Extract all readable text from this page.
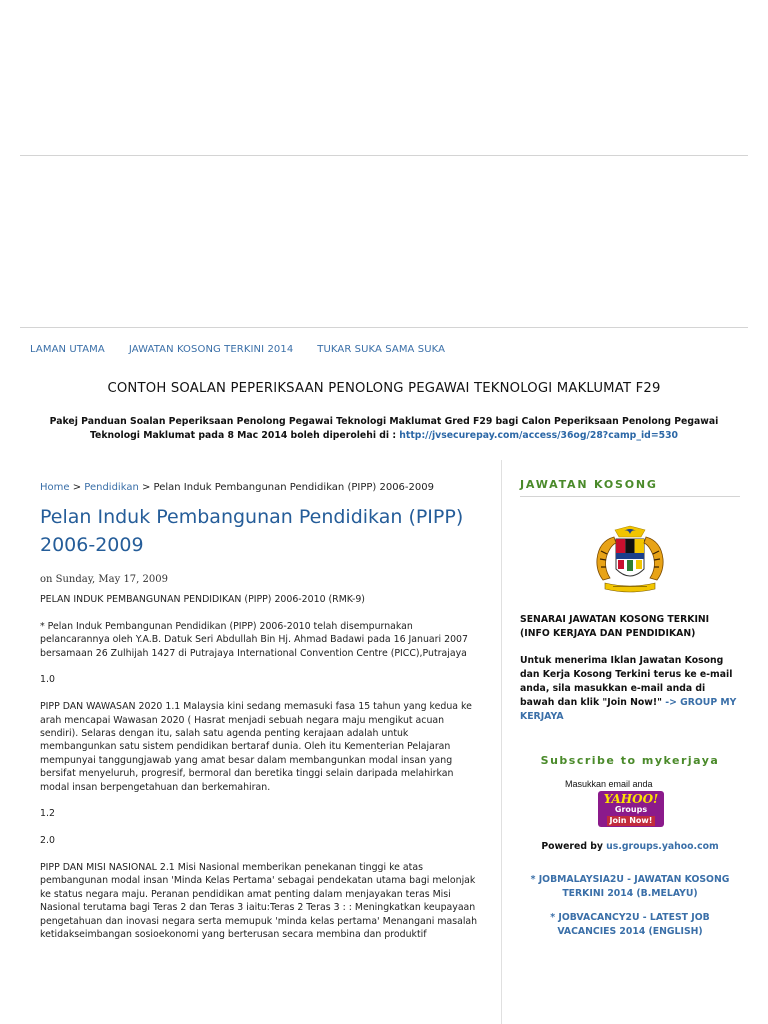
LAMAN UTAMA JAWATAN KOSONG TERKINI 2014 TUKAR SUKA SAMA SUKA
CONTOH SOALAN PEPERIKSAAN PENOLONG PEGAWAI TEKNOLOGI MAKLUMAT F29
Pakej Panduan Soalan Peperiksaan Penolong Pegawai Teknologi Maklumat Gred F29 bagi Calon Peperiksaan Penolong Pegawai Teknologi Maklumat pada 8 Mac 2014 boleh diperolehi di : http://jvsecurepay.com/access/36og/28?camp_id=530
Home > Pendidikan > Pelan Induk Pembangunan Pendidikan (PIPP) 2006-2009
Pelan Induk Pembangunan Pendidikan (PIPP) 2006-2009
on Sunday, May 17, 2009

PELAN INDUK PEMBANGUNAN PENDIDIKAN (PIPP) 2006-2010 (RMK-9)

* Pelan Induk Pembangunan Pendidikan (PIPP) 2006-2010 telah disempurnakan pelancarannya oleh Y.A.B. Datuk Seri Abdullah Bin Hj. Ahmad Badawi pada 16 Januari 2007 bersamaan 26 Zulhijah 1427 di Putrajaya International Convention Centre (PICC),Putrajaya

1.0

PIPP DAN WAWASAN 2020 1.1 Malaysia kini sedang memasuki fasa 15 tahun yang kedua ke arah mencapai Wawasan 2020 ( Hasrat menjadi sebuah negara maju mengikut acuan sendiri). Selaras dengan itu, salah satu agenda penting kerajaan adalah untuk membangunkan satu sistem pendidikan bertaraf dunia. Oleh itu Kementerian Pelajaran mempunyai tanggungjawab yang amat besar dalam membangunkan modal insan yang bersifat menyeluruh, progresif, bermoral dan beretika tinggi selain daripada melahirkan modal insan berpengetahuan dan berkemahiran.

1.2

2.0

PIPP DAN MISI NASIONAL 2.1 Misi Nasional memberikan penekanan tinggi ke atas pembangunan modal insan 'Minda Kelas Pertama' sebagai pendekatan utama bagi melonjak ke status negara maju. Peranan pendidikan amat penting dalam menjayakan teras Misi Nasional terutama bagi Teras 2 dan Teras 3 iaitu:Teras 2 Teras 3 : : Meningkatkan keupayaan pengetahuan dan inovasi negara serta memupuk 'minda kelas pertama' Menangani masalah ketidakseimbangan sosioekonomi yang berterusan secara membina dan produktif

JAWATAN KOSONG
SENARAI JAWATAN KOSONG TERKINI (INFO KERJAYA DAN PENDIDIKAN)
Untuk menerima Iklan Jawatan Kosong dan Kerja Kosong Terkini terus ke e-mail anda, sila masukkan e-mail anda di bawah dan klik "Join Now!" -> GROUP MY KERJAYA
Subscribe to mykerjaya
Masukkan email anda
YAHOO!
Groups
Join Now!
Powered by us.groups.yahoo.com
* JOBMALAYSIA2U - JAWATAN KOSONG TERKINI 2014 (B.MELAYU)
* JOBVACANCY2U - LATEST JOB VACANCIES 2014 (ENGLISH)
